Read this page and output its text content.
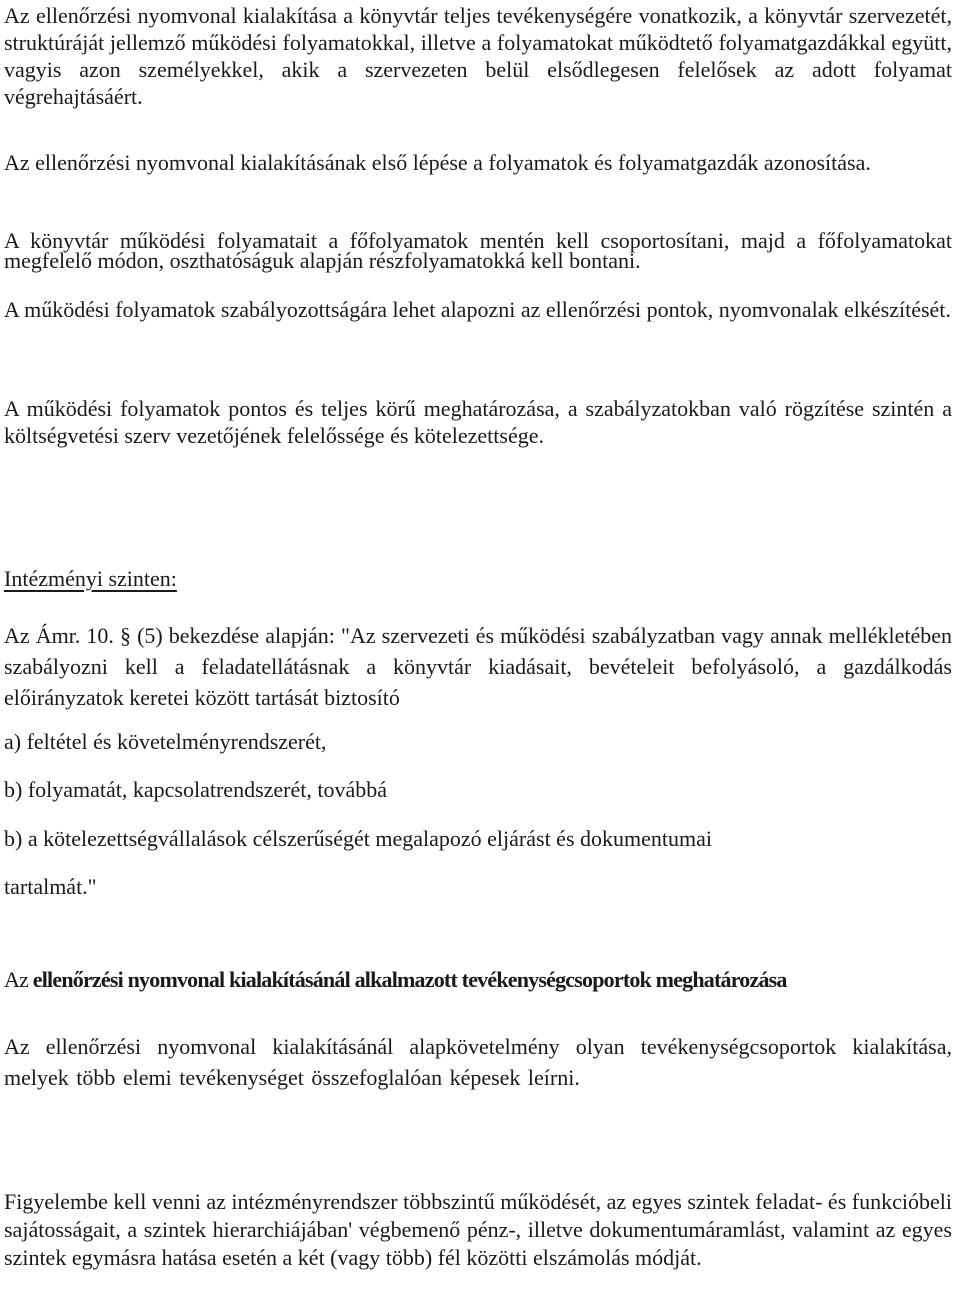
Az ellenőrzési nyomvonal kialakítása a könyvtár teljes tevékenységére vonatkozik, a könyvtár szervezetét, struktúráját jellemző működési folyamatokkal, illetve a folyamatokat működtető folyamatgazdákkal együtt, vagyis azon személyekkel, akik a szervezeten belül elsődlegesen felelősek az adott folyamat végrehajtásáért.

Az ellenőrzési nyomvonal kialakításának első lépése a folyamatok és folyamatgazdák azonosítása.

A könyvtár működési folyamatait a főfolyamatok mentén kell csoportosítani, majd a főfolyamatokat megfelelő módon, oszthatóságuk alapján részfolyamatokká kell bontani.

A működési folyamatok szabályozottságára lehet alapozni az ellenőrzési pontok, nyomvonalak elkészítését.

A működési folyamatok pontos és teljes körű meghatározása, a szabályzatokban való rögzítése szintén a költségvetési szerv vezetőjének felelőssége és kötelezettsége.

Intézményi szinten:

Az Ámr. 10. § (5) bekezdése alapján: "Az szervezeti és működési szabályzatban vagy annak mellékletében szabályozni kell a feladatellátásnak a könyvtár kiadásait, bevételeit befolyásoló, a gazdálkodás előirányzatok keretei között tartását biztosító

a) feltétel és követelményrendszerét,

b) folyamatát, kapcsolatrendszerét, továbbá

b) a kötelezettségvállalások célszerűségét megalapozó eljárást és dokumentumai

tartalmát."

Az ellenőrzési nyomvonal kialakításánál alkalmazott tevékenységcsoportok meghatározása

Az ellenőrzési nyomvonal kialakításánál alapkövetelmény olyan tevékenységcsoportok kialakítása, melyek több elemi tevékenységet összefoglalóan képesek leírni.

Figyelembe kell venni az intézményrendszer többszintű működését, az egyes szintek feladat- és funkcióbeli sajátosságait, a szintek hierarchiájában' végbemenő pénz-, illetve dokumentumáramlást, valamint az egyes szintek egymásra hatása esetén a két (vagy több) fél közötti elszámolás módját.
